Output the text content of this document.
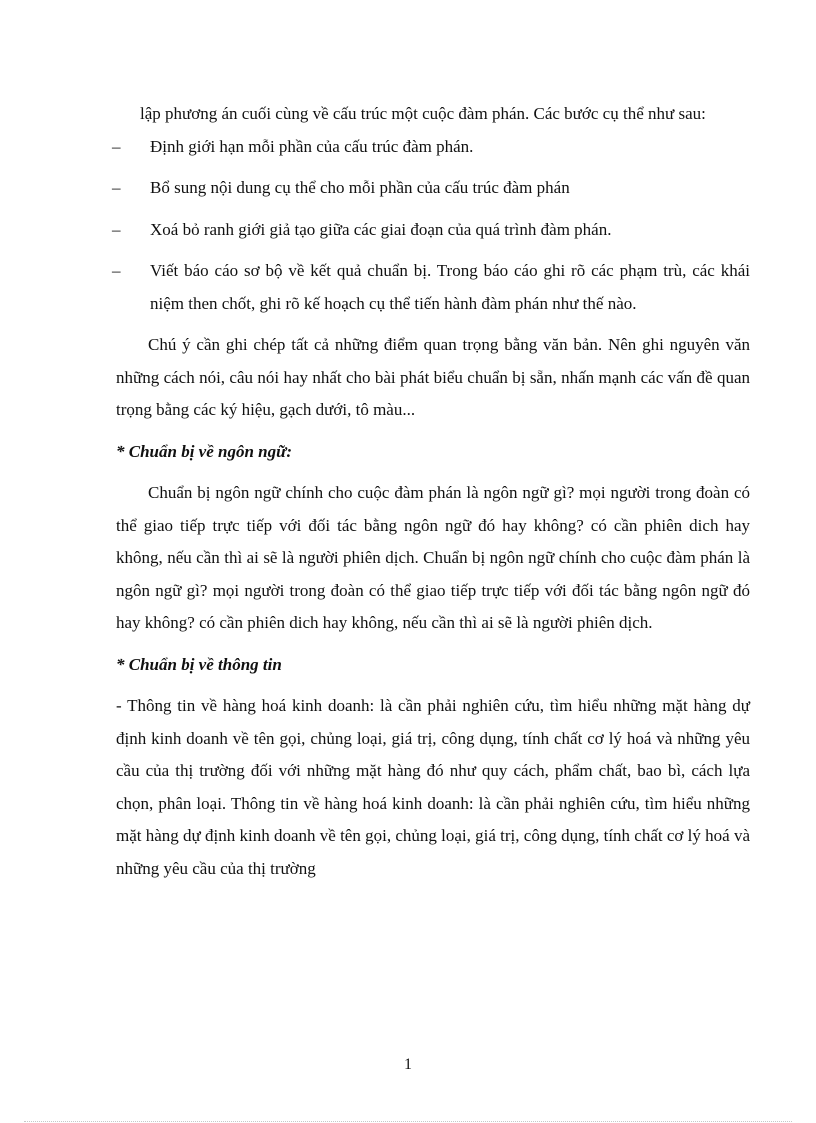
lập phương án cuối cùng về cấu trúc một cuộc đàm phán. Các bước cụ thể như sau:

– Định giới hạn mỗi phần của cấu trúc đàm phán.
– Bổ sung nội dung cụ thể cho mỗi phần của cấu trúc đàm phán
– Xoá bỏ ranh giới giả tạo giữa các giai đoạn của quá trình đàm phán.
– Viết báo cáo sơ bộ về kết quả chuẩn bị. Trong báo cáo ghi rõ các phạm trù, các khái niệm then chốt, ghi rõ kế hoạch cụ thể tiến hành đàm phán như thế nào.

Chú ý cần ghi chép tất cả những điểm quan trọng bằng văn bản. Nên ghi nguyên văn những cách nói, câu nói hay nhất cho bài phát biểu chuẩn bị sẵn, nhấn mạnh các vấn đề quan trọng bằng các ký hiệu, gạch dưới, tô màu...

* Chuẩn bị về ngôn ngữ:

Chuẩn bị ngôn ngữ chính cho cuộc đàm phán là ngôn ngữ gì? mọi người trong đoàn có thể giao tiếp trực tiếp với đối tác bằng ngôn ngữ đó hay không? có cần phiên dich hay không, nếu cần thì ai sẽ là người phiên dịch. Chuẩn bị ngôn ngữ chính cho cuộc đàm phán là ngôn ngữ gì? mọi người trong đoàn có thể giao tiếp trực tiếp với đối tác bằng ngôn ngữ đó hay không? có cần phiên dich hay không, nếu cần thì ai sẽ là người phiên dịch.

* Chuẩn bị về thông tin

- Thông tin về hàng hoá kinh doanh: là cần phải nghiên cứu, tìm hiểu những mặt hàng dự định kinh doanh về tên gọi, chủng loại, giá trị, công dụng, tính chất cơ lý hoá và những yêu cầu của thị trường đối với những mặt hàng đó như quy cách, phẩm chất, bao bì, cách lựa chọn, phân loại. Thông tin về hàng hoá kinh doanh: là cần phải nghiên cứu, tìm hiểu những mặt hàng dự định kinh doanh về tên gọi, chủng loại, giá trị, công dụng, tính chất cơ lý hoá và những yêu cầu của thị trường

1
